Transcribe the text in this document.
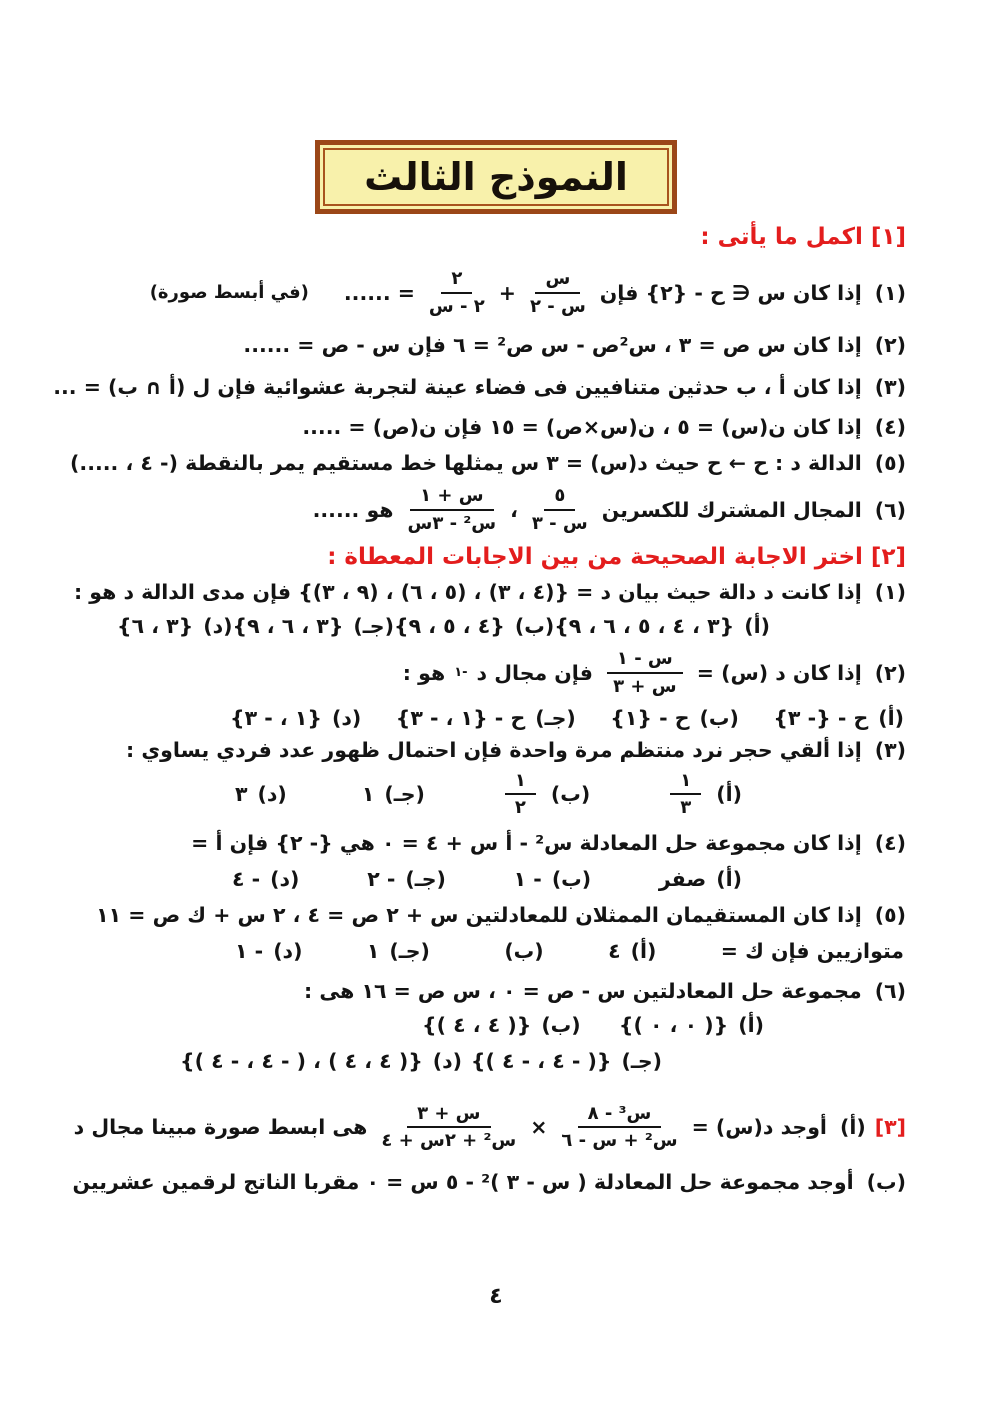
النموذج الثالث
[١] اكمل ما يأتى :
(١)
إذا كان س ∈ ح - {٢} فإن
$\frac{\text{س}}{\text{س - ٢}}$
+
$\frac{٢}{\text{٢ - س}}$
= ......
(في أبسط صورة)
(٢)
إذا كان س ص = ٣ ، س²ص - س ص² = ٦ فإن س - ص = ......
(٣)
إذا كان أ ، ب حدثين متنافيين فى فضاء عينة لتجربة عشوائية فإن ل (أ ∩ ب) = ...
(٤)
إذا كان ن(س) = ٥ ، ن(س×ص) = ١٥ فإن ن(ص) = .....
(٥)
الدالة د : ح ← ح حيث د(س) = ٣ س يمثلها خط مستقيم يمر بالنقطة (- ٤ ، .....)
(٦)
المجال المشترك للكسرين
$\frac{٥}{\text{س - ٣}}$
،
$\frac{\text{س + ١}}{\text{س² - ٣س}}$
هو ......
[٢] اختر الاجابة الصحيحة من بين الاجابات المعطاة :
(١)
إذا كانت د دالة حيث بيان د = {(٤ ، ٣) ، (٥ ، ٦) ، (٩ ، ٣)} فإن مدى الدالة د هو :
(أ)
{٣ ، ٤ ، ٥ ، ٦ ، ٩}
(ب)
{٤ ، ٥ ، ٩}
(جـ)
{٣ ، ٦ ، ٩}
(د)
{٣ ، ٦}
(٢)
إذا كان د (س) =
$\frac{\text{س - ١}}{\text{س + ٣}}$
فإن مجال د
-١
هو :
(أ)
ح - {- ٣}
(ب)
ح - {١}
(جـ)
ح - {١ ، - ٣}
(د)
{١ ، - ٣}
(٣)
إذا ألقي حجر نرد منتظم مرة واحدة فإن احتمال ظهور عدد فردي يساوي :
(أ)
$\frac{١}{٣}$
(ب)
$\frac{١}{٢}$
(جـ)
١
(د)
٣
(٤)
إذا كان مجموعة حل المعادلة س² - أ س + ٤ = ٠ هي {- ٢} فإن أ =
(أ)
صفر
(ب)
- ١
(جـ)
- ٢
(د)
- ٤
(٥)
إذا كان المستقيمان الممثلان للمعادلتين س + ٢ ص = ٤ ، ٢ س + ك ص = ١١
متوازيين فإن ك =
(أ)
٤
(ب)
(جـ)
١
(د)
- ١
(٦)
مجموعة حل المعادلتين س - ص = ٠ ، س ص = ١٦ هى :
(أ)
{( ٠ ، ٠ )}
(ب)
{( ٤ ، ٤ )}
(جـ)
{( - ٤ ، - ٤ )}
(د)
{( ٤ ، ٤ ) ، ( - ٤ ، - ٤ )}
[٣]
(أ)
أوجد د(س) =
$\frac{\text{س³ - ٨}}{\text{س² + س - ٦}}$
×
$\frac{\text{س + ٣}}{\text{س² + ٢س + ٤}}$
هى ابسط صورة مبينا مجال د
(ب)
أوجد مجموعة حل المعادلة ( س - ٣ )² - ٥ س = ٠ مقربا الناتج لرقمين عشريين
٤
